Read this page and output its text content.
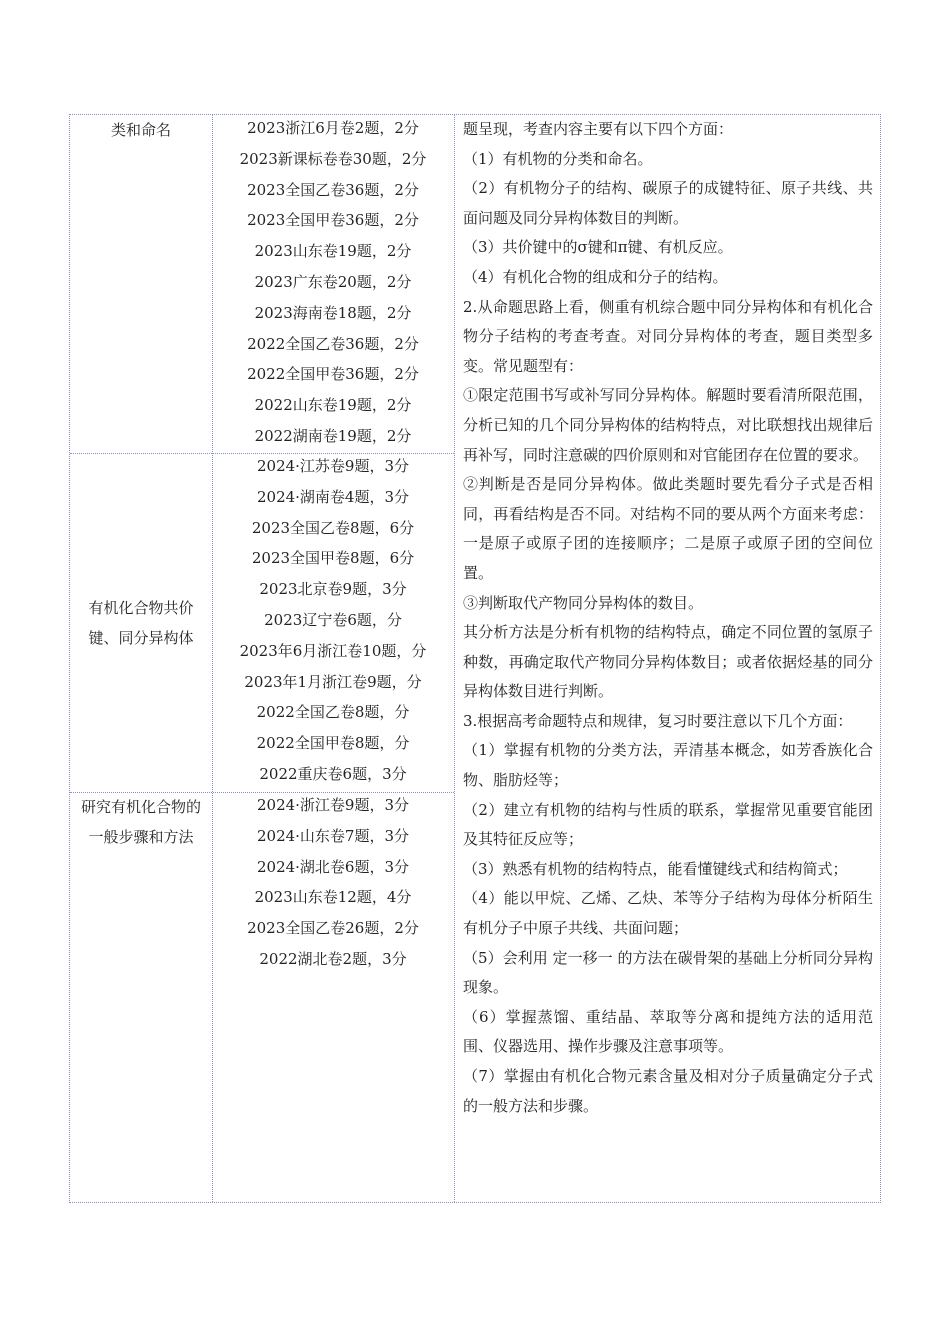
类和命名	2023浙江6月卷2题，2分
2023新课标卷卷30题，2分
2023全国乙卷36题，2分
2023全国甲卷36题，2分
2023山东卷19题，2分
2023广东卷20题，2分
2023海南卷18题，2分
2022全国乙卷36题，2分
2022全国甲卷36题，2分
2022山东卷19题，2分
2022湖南卷19题，2分
有机化合物共价键、同分异构体
2024·江苏卷9题，3分
2024·湖南卷4题，3分
2023全国乙卷8题，6分
2023全国甲卷8题，6分
2023北京卷9题，3分
2023辽宁卷6题，分
2023年6月浙江卷10题，分
2023年1月浙江卷9题，分
2022全国乙卷8题，分
2022全国甲卷8题，分
2022重庆卷6题，3分
研究有机化合物的一般步骤和方法
2024·浙江卷9题，3分
2024·山东卷7题，3分
2024·湖北卷6题，3分
2023山东卷12题，4分
2023全国乙卷26题，2分
2022湖北卷2题，3分

题呈现，考查内容主要有以下四个方面：

（1）有机物的分类和命名。

（2）有机物分子的结构、碳原子的成键特征、原子共线、共面问题及同分异构体数目的判断。

（3）共价键中的σ键和π键、有机反应。

（4）有机化合物的组成和分子的结构。

2.从命题思路上看，侧重有机综合题中同分异构体和有机化合物分子结构的考查考查。对同分异构体的考查，题目类型多变。常见题型有：

①限定范围书写或补写同分异构体。解题时要看清所限范围，分析已知的几个同分异构体的结构特点，对比联想找出规律后再补写，同时注意碳的四价原则和对官能团存在位置的要求。

②判断是否是同分异构体。做此类题时要先看分子式是否相同，再看结构是否不同。对结构不同的要从两个方面来考虑：一是原子或原子团的连接顺序；二是原子或原子团的空间位置。

③判断取代产物同分异构体的数目。

其分析方法是分析有机物的结构特点，确定不同位置的氢原子种数，再确定取代产物同分异构体数目；或者依据烃基的同分异构体数目进行判断。

3.根据高考命题特点和规律，复习时要注意以下几个方面：

（1）掌握有机物的分类方法，弄清基本概念，如芳香族化合物、脂肪烃等；

（2）建立有机物的结构与性质的联系，掌握常见重要官能团及其特征反应等；

（3）熟悉有机物的结构特点，能看懂键线式和结构简式；

（4）能以甲烷、乙烯、乙炔、苯等分子结构为母体分析陌生有机分子中原子共线、共面问题；

（5）会利用 定一移一 的方法在碳骨架的基础上分析同分异构现象。

（6）掌握蒸馏、重结晶、萃取等分离和提纯方法的适用范围、仪器选用、操作步骤及注意事项等。

（7）掌握由有机化合物元素含量及相对分子质量确定分子式的一般方法和步骤。
